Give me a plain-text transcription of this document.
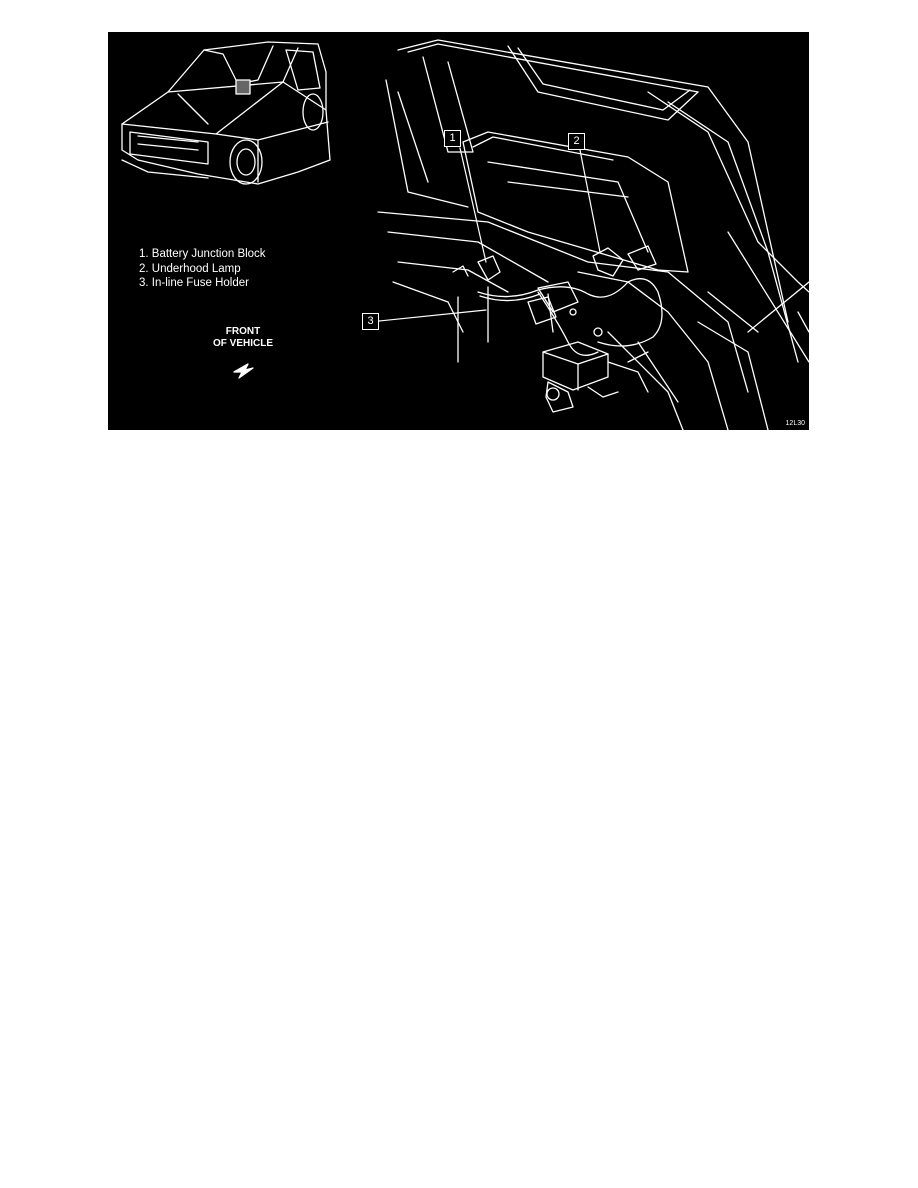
1. Battery Junction Block
2. Underhood Lamp
3. In-line Fuse Holder
FRONT
OF VEHICLE
1	2
3
12L30
